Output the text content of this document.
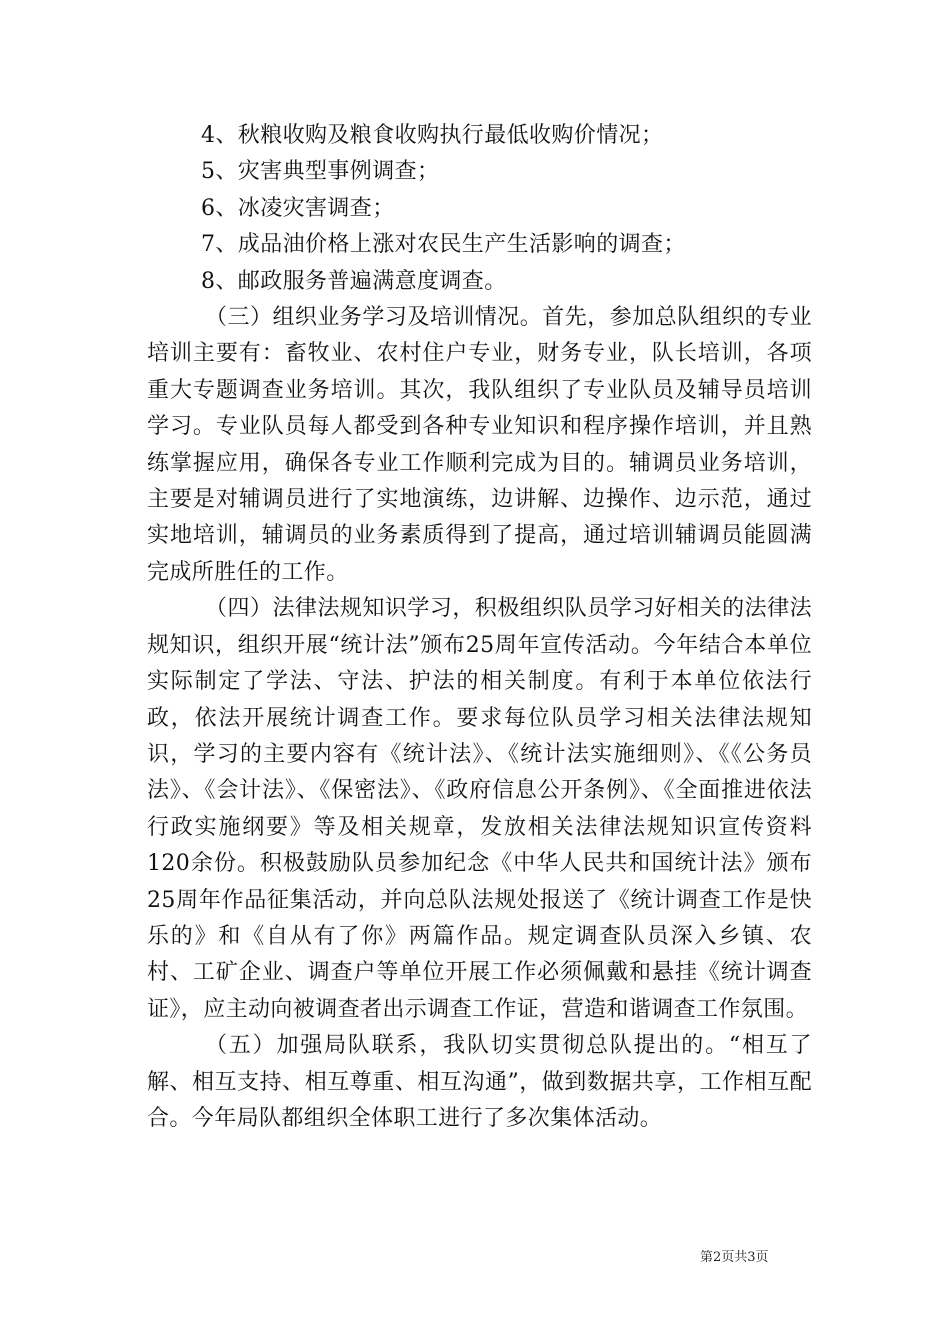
4、秋粮收购及粮食收购执行最低收购价情况；

5、灾害典型事例调查；

6、冰凌灾害调查；

7、成品油价格上涨对农民生产生活影响的调查；

8、邮政服务普遍满意度调查。

（三）组织业务学习及培训情况。首先，参加总队组织的专业培训主要有：畜牧业、农村住户专业，财务专业，队长培训，各项重大专题调查业务培训。其次，我队组织了专业队员及辅导员培训学习。专业队员每人都受到各种专业知识和程序操作培训，并且熟练掌握应用，确保各专业工作顺利完成为目的。辅调员业务培训，主要是对辅调员进行了实地演练，边讲解、边操作、边示范，通过实地培训，辅调员的业务素质得到了提高，通过培训辅调员能圆满完成所胜任的工作。

（四）法律法规知识学习，积极组织队员学习好相关的法律法规知识，组织开展“统计法”颁布25周年宣传活动。今年结合本单位实际制定了学法、守法、护法的相关制度。有利于本单位依法行政，依法开展统计调查工作。要求每位队员学习相关法律法规知识，学习的主要内容有《统计法》、《统计法实施细则》、《《公务员法》、《会计法》、《保密法》、《政府信息公开条例》、《全面推进依法行政实施纲要》等及相关规章，发放相关法律法规知识宣传资料120余份。积极鼓励队员参加纪念《中华人民共和国统计法》颁布25周年作品征集活动，并向总队法规处报送了《统计调查工作是快乐的》和《自从有了你》两篇作品。规定调查队员深入乡镇、农村、工矿企业、调查户等单位开展工作必须佩戴和悬挂《统计调查证》，应主动向被调查者出示调查工作证，营造和谐调查工作氛围。

（五）加强局队联系，我队切实贯彻总队提出的。“相互了解、相互支持、相互尊重、相互沟通”，做到数据共享，工作相互配合。今年局队都组织全体职工进行了多次集体活动。

第2页共3页
